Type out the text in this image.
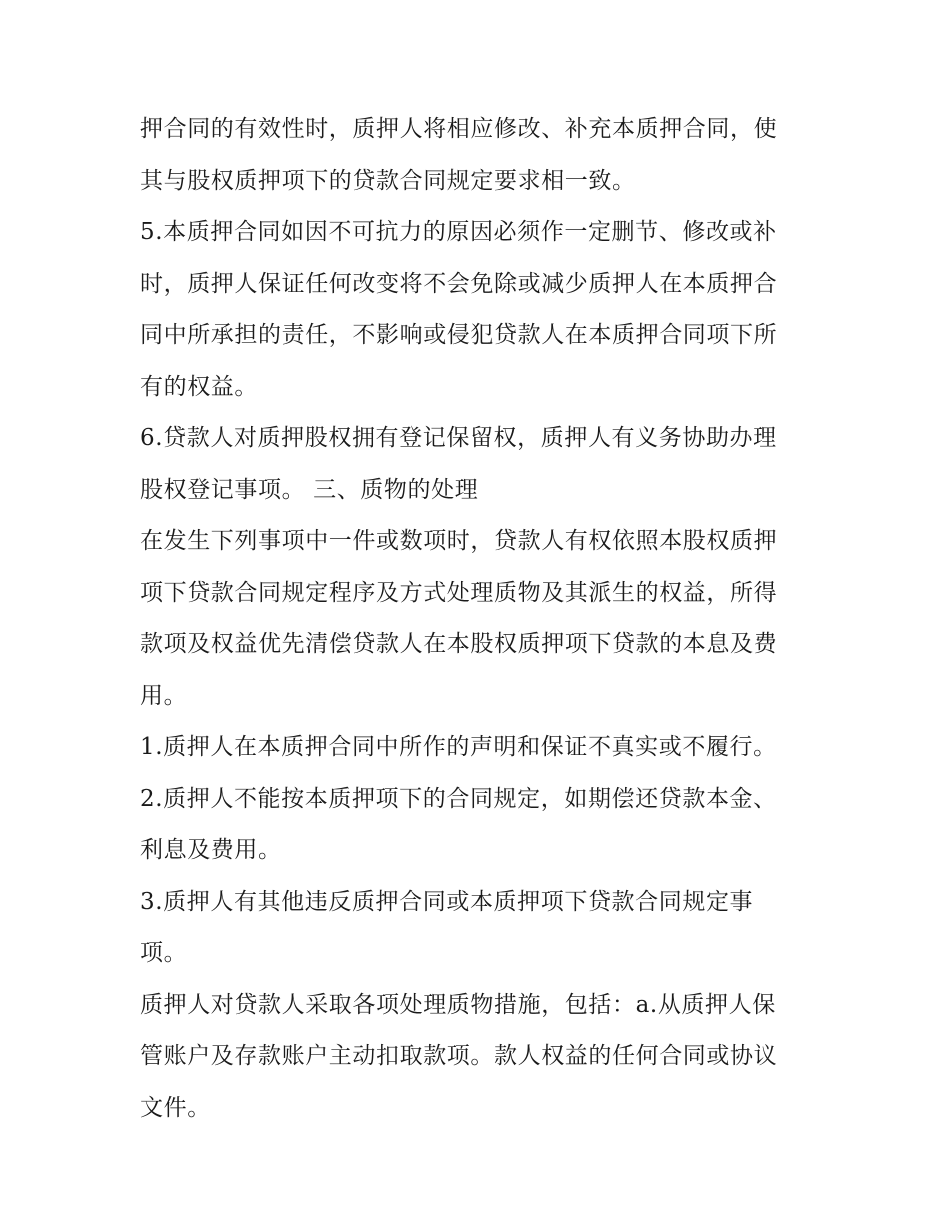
押合同的有效性时，质押人将相应修改、补充本质押合同，使
其与股权质押项下的贷款合同规定要求相一致。
5.本质押合同如因不可抗力的原因必须作一定删节、修改或补
时，质押人保证任何改变将不会免除或减少质押人在本质押合
同中所承担的责任，不影响或侵犯贷款人在本质押合同项下所
有的权益。
6.贷款人对质押股权拥有登记保留权，质押人有义务协助办理
股权登记事项。 三、质物的处理
在发生下列事项中一件或数项时，贷款人有权依照本股权质押
项下贷款合同规定程序及方式处理质物及其派生的权益，所得
款项及权益优先清偿贷款人在本股权质押项下贷款的本息及费
用。
1.质押人在本质押合同中所作的声明和保证不真实或不履行。
2.质押人不能按本质押项下的合同规定，如期偿还贷款本金、
利息及费用。
3.质押人有其他违反质押合同或本质押项下贷款合同规定事
项。
质押人对贷款人采取各项处理质物措施，包括：a.从质押人保
管账户及存款账户主动扣取款项。款人权益的任何合同或协议
文件。
